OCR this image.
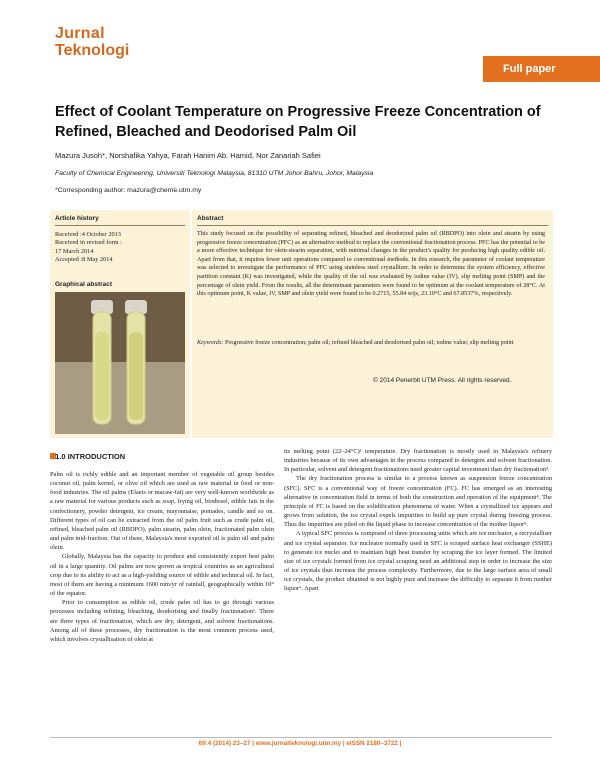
Jurnal
Teknologi
Full paper
Effect of Coolant Temperature on Progressive Freeze Concentration of Refined, Bleached and Deodorised Palm Oil
Mazura Jusoh*, Norshafika Yahya, Farah Hanim Ab. Hamid, Nor Zanariah Safiei
Faculty of Chemical Engineering, Universiti Teknologi Malaysia, 81310 UTM Johor Bahru, Johor, Malaysia
*Corresponding author: mazura@cheme.utm.my
Article history
Received :4 October 2013
Received in revised form :
17 March 2014
Accepted :8 May 2014
Graphical abstract
Abstract
This study focused on the possibility of separating refined, bleached and deodorized palm oil (RBDPO) into olein and stearin by using progressive freeze concentration (PFC) as an alternative method to replace the conventional fractionation process. PFC has the potential to be a more effective technique for olein-stearin separation, with minimal changes in the product's quality for producing high quality edible oil. Apart from that, it requires fewer unit operations compared to conventional methods. In this research, the parameter of coolant temperature was selected to investigate the performance of PFC using stainless steel crystallizer. In order to determine the system efficiency, effective partition constant (K) was investigated, while the quality of the oil was evaluated by iodine value (IV), slip melting point (SMP) and the percentage of olein yield. From the results, all the determinant parameters were found to be optimum at the coolant temperature of 28°C. At this optimum point, K value, IV, SMP and olein yield were found to be 0.2715, 55.84 wijs, 23.10°C and 67.8537%, respectively.
Keywords: Progressive freeze concentration; palm oil; refined bleached and deodorised palm oil; iodine value; slip melting point
© 2014 Penerbit UTM Press. All rights reserved.
1.0 INTRODUCTION

Palm oil is richly edible and an important member of vegetable oil group besides coconut oil, palm kernel, or olive oil which are used as raw material in food or non-food industries. The oil palms (Elaeis or macaw-fat) are very well-known worldwide as a raw material for various products such as soap, frying oil, biodiesel, edible fats in the confectionery, powder detergent, ice cream, mayonnaise, pomades, candle and so on. Different types of oil can be extracted from the oil palm fruit such as crude palm oil, refined, bleached palm oil (RBDPO), palm stearin, palm olein, fractionated palm olein and palm mid-fraction. Out of these, Malaysia's most exported oil is palm oil and palm olein.

Globally, Malaysia has the capacity to produce and consistently export best palm oil in a large quantity. Oil palms are now grown as tropical countries as an agricultural crop due to its ability to act as a high-yielding source of edible and technical oil. In fact, most of them are having a minimum 1600 mm/yr of rainfall, geographically within 10° of the equator.

Prior to consumption as edible oil, crude palm oil has to go through various processes including refining, bleaching, deodorising and finally fractionation¹. There are three types of fractionation, which are dry, detergent, and solvent fractionations. Among all of these processes, dry fractionation is the most common process used, which involves crystallisation of olein at

its melting point (22–24°C)² temperature. Dry fractionation is mostly used in Malaysia's refinery industries because of its own advantages in the process compared to detergent and solvent fractionation. In particular, solvent and detergent fractionations need greater capital investment than dry fractionation³.

The dry fractionation process is similar to a process known as suspension freeze concentration (SFC). SFC is a conventional way of freeze concentration (FC). FC has emerged as an interesting alternative in concentration field in terms of both the construction and operation of the equipment⁴. The principle of FC is based on the solidification phenomena of water. When a crystallized ice appears and grows from solution, the ice crystal expels impurities to build up pure crystal during freezing process. Thus the impurities are piled on the liquid phase to increase concentration of the mother liquor⁵.

A typical SFC process is composed of three processing units which are ice nucleator, a recrystalliser and ice crystal separator. Ice nucleator normally used in SFC is scraped surface heat exchanger (SSHE) to generate ice nuclei and to maintain high heat transfer by scraping the ice layer formed. The limited size of ice crystals formed from ice crystal scraping need an additional step in order to increase the size of ice crystals thus increase the process complexity. Furthermore, due to the large surface area of small ice crystals, the product obtained is not highly pure and increase the difficulty to separate it from mother liquor⁶. Apart

69:4 (2014) 23–27 | www.jurnalteknologi.utm.my | eISSN 2180–3722 |
